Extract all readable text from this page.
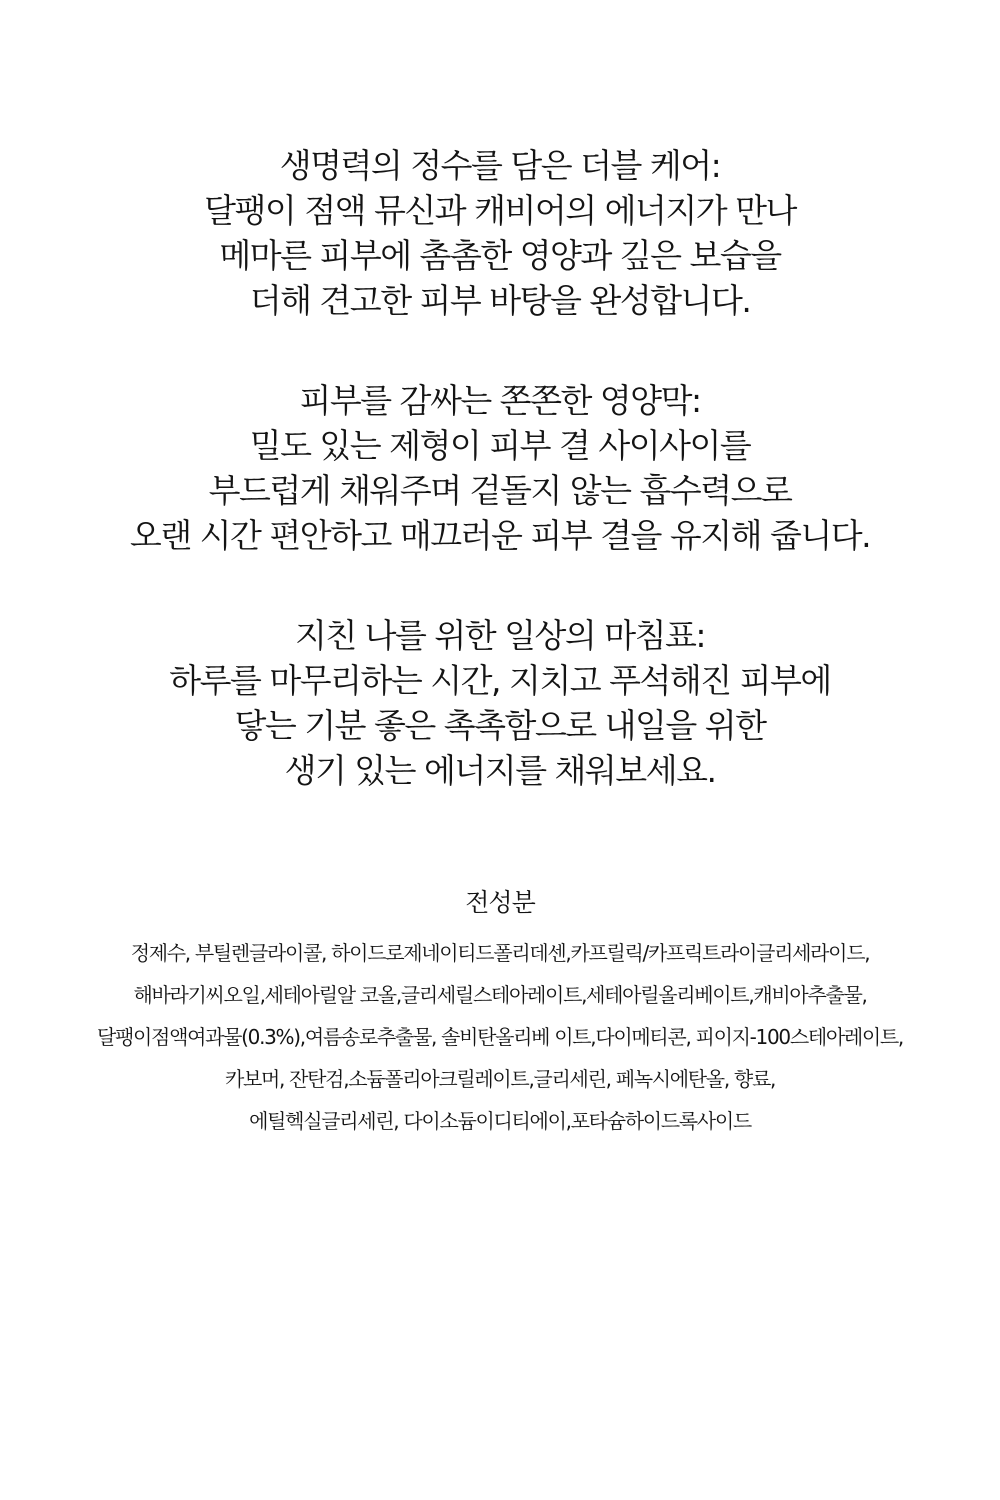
생명력의 정수를 담은 더블 케어:
달팽이 점액 뮤신과 캐비어의 에너지가 만나
메마른 피부에 촘촘한 영양과 깊은 보습을
더해 견고한 피부 바탕을 완성합니다.

피부를 감싸는 쫀쫀한 영양막:
밀도 있는 제형이 피부 결 사이사이를
부드럽게 채워주며 겉돌지 않는 흡수력으로
오랜 시간 편안하고 매끄러운 피부 결을 유지해 줍니다.

지친 나를 위한 일상의 마침표:
하루를 마무리하는 시간, 지치고 푸석해진 피부에
닿는 기분 좋은 촉촉함으로 내일을 위한
생기 있는 에너지를 채워보세요.

전성분
정제수, 부틸렌글라이콜, 하이드로제네이티드폴리데센,카프릴릭/카프릭트라이글리세라이드,
해바라기씨오일,세테아릴알 코올,글리세릴스테아레이트,세테아릴올리베이트,캐비아추출물,
달팽이점액여과물(0.3%),여름송로추출물, 솔비탄올리베 이트,다이메티콘, 피이지-100스테아레이트,
카보머, 잔탄검,소듐폴리아크릴레이트,글리세린, 페녹시에탄올, 향료,
에틸헥실글리세린, 다이소듐이디티에이,포타슘하이드록사이드
